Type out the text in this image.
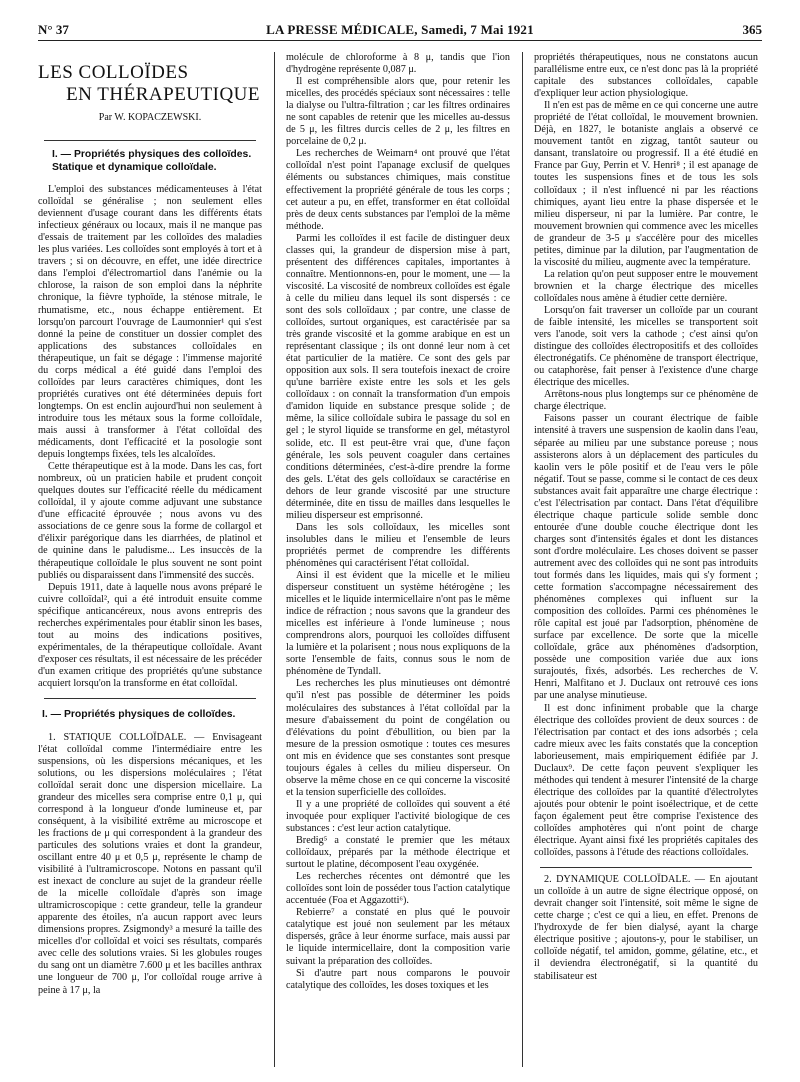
N° 37	LA PRESSE MÉDICALE, Samedi, 7 Mai 1921	365
LES COLLOÏDES
EN THÉRAPEUTIQUE
Par W. KOPACZEWSKI.
I. — Propriétés physiques des colloïdes. Statique et dynamique colloïdale.

L'emploi des substances médicamenteuses à l'état colloïdal se généralise ; non seulement elles deviennent d'usage courant dans les différents états infectieux généraux ou locaux, mais il ne manque pas d'essais de traitement par les colloïdes des maladies les plus variées. Les colloïdes sont employés à tort et à travers ; si on découvre, en effet, une idée directrice dans l'emploi d'électromartiol dans l'anémie ou la chlorose, la raison de son emploi dans la néphrite chronique, la fièvre typhoïde, la sténose mitrale, le rhumatisme, etc., nous échappe entièrement. Et lorsqu'on parcourt l'ouvrage de Laumonnier¹ qui s'est donné la peine de constituer un dossier complet des applications des substances colloïdales en thérapeutique, un fait se dégage : l'immense majorité du corps médical a été guidé dans l'emploi des colloïdes par leurs caractères chimiques, dont les propriétés curatives ont été déterminées depuis fort longtemps. On est enclin aujourd'hui non seulement à introduire tous les métaux sous la forme colloïdale, mais aussi à transformer à l'état colloïdal des médicaments, dont l'efficacité et la posologie sont depuis longtemps fixées, tels les alcaloïdes.

Cette thérapeutique est à la mode. Dans les cas, fort nombreux, où un praticien habile et prudent conçoit quelques doutes sur l'efficacité réelle du médicament colloïdal, il y ajoute comme adjuvant une substance d'une efficacité éprouvée ; nous avons vu des associations de ce genre sous la forme de collargol et d'élixir parégorique dans les diarrhées, de platinol et de quinine dans le paludisme... Les insuccès de la thérapeutique colloïdale le plus souvent ne sont point publiés ou disparaissent dans l'immensité des succès.

Depuis 1911, date à laquelle nous avons préparé le cuivre colloïdal², qui a été introduit ensuite comme spécifique anticancéreux, nous avons entrepris des recherches expérimentales pour établir sinon les bases, tout au moins des indications positives, expérimentales, de la thérapeutique colloïdale. Avant d'exposer ces résultats, il est nécessaire de les précéder d'un examen critique des propriétés qu'une substance acquiert lorsqu'on la transforme en état colloïdal.

I. — Propriétés physiques de colloïdes.

1. STATIQUE COLLOÏDALE. — Envisageant l'état colloïdal comme l'intermédiaire entre les suspensions, où les dispersions mécaniques, et les solutions, ou les dispersions moléculaires ; l'état colloïdal serait donc une dispersion micellaire. La grandeur des micelles sera comprise entre 0,1 μ, qui correspond à la longueur d'onde lumineuse et, par conséquent, à la visibilité extrême au microscope et les fractions de μ qui correspondent à la grandeur des particules des solutions vraies et dont la grandeur, oscillant entre 40 μ et 0,5 μ, représente le champ de visibilité à l'ultramicroscope. Notons en passant qu'il est inexact de conclure au sujet de la grandeur réelle de la micelle colloïdale d'après son image ultramicroscopique : cette grandeur, telle la grandeur apparente des étoiles, n'a aucun rapport avec leurs dimensions propres. Zsigmondy³ a mesuré la taille des micelles d'or colloïdal et voici ses résultats, comparés avec celle des solutions vraies. Si les globules rouges du sang ont un diamètre 7.600 μ et les bacilles anthrax une longueur de 700 μ, l'or colloïdal rouge arrive à peine à 17 μ, la

molécule de chloroforme à 8 μ, tandis que l'ion d'hydrogène représente 0,087 μ.

Il est compréhensible alors que, pour retenir les micelles, des procédés spéciaux sont nécessaires : telle la dialyse ou l'ultra-filtration ; car les filtres ordinaires ne sont capables de retenir que les micelles au-dessus de 5 μ, les filtres durcis celles de 2 μ, les filtres en porcelaine de 0,2 μ.

Les recherches de Weimarn⁴ ont prouvé que l'état colloïdal n'est point l'apanage exclusif de quelques éléments ou substances chimiques, mais constitue effectivement la propriété générale de tous les corps ; cet auteur a pu, en effet, transformer en état colloïdal près de deux cents substances par l'emploi de la même méthode.

Parmi les colloïdes il est facile de distinguer deux classes qui, la grandeur de dispersion mise à part, présentent des différences capitales, importantes à connaître. Mentionnons-en, pour le moment, une — la viscosité. La viscosité de nombreux colloïdes est égale à celle du milieu dans lequel ils sont dispersés : ce sont des sols colloïdaux ; par contre, une classe de colloïdes, surtout organiques, est caractérisée par sa très grande viscosité et la gomme arabique en est un représentant classique ; ils ont donné leur nom à cet état particulier de la matière. Ce sont des gels par opposition aux sols. Il sera toutefois inexact de croire qu'une barrière existe entre les sols et les gels colloïdaux : on connaît la transformation d'un empois d'amidon liquide en substance presque solide ; de même, la silice colloïdale subira le passage du sol en gel ; le styrol liquide se transforme en gel, métastyrol solide, etc. Il est peut-être vrai que, d'une façon générale, les sols peuvent coaguler dans certaines conditions déterminées, c'est-à-dire prendre la forme des gels. L'état des gels colloïdaux se caractérise en dehors de leur grande viscosité par une structure déterminée, dite en tissu de mailles dans lesquelles le milieu disperseur est emprisonné.

Dans les sols colloïdaux, les micelles sont insolubles dans le milieu et l'ensemble de leurs propriétés permet de comprendre les différents phénomènes qui caractérisent l'état colloïdal.

Ainsi il est évident que la micelle et le milieu disperseur constituent un système hétérogène ; les micelles et le liquide intermicellaire n'ont pas le même indice de réfraction ; nous savons que la grandeur des micelles est inférieure à l'onde lumineuse ; nous comprendrons alors, pourquoi les colloïdes diffusent la lumière et la polarisent ; nous nous expliquons de la sorte l'ensemble de faits, connus sous le nom de phénomène de Tyndall.

Les recherches les plus minutieuses ont démontré qu'il n'est pas possible de déterminer les poids moléculaires des substances à l'état colloïdal par la mesure d'abaissement du point de congélation ou d'élévations du point d'ébullition, ou bien par la mesure de la pression osmotique : toutes ces mesures ont mis en évidence que ses constantes sont presque toujours égales à celles du milieu disperseur. On observe la même chose en ce qui concerne la viscosité et la tension superficielle des colloïdes.

Il y a une propriété de colloïdes qui souvent a été invoquée pour expliquer l'activité biologique de ces substances : c'est leur action catalytique.

Bredig⁵ a constaté le premier que les métaux colloïdaux, préparés par la méthode électrique et surtout le platine, décomposent l'eau oxygénée.

Les recherches récentes ont démontré que les colloïdes sont loin de posséder tous l'action catalytique accentuée (Foa et Aggazotti⁶).

Rebierre⁷ a constaté en plus qué le pouvoir catalytique est joué non seulement par les métaux dispersés, grâce à leur énorme surface, mais aussi par le liquide intermicellaire, dont la composition varie suivant la préparation des colloïdes.

Si d'autre part nous comparons le pouvoir catalytique des colloïdes, les doses toxiques et les

propriétés thérapeutiques, nous ne constatons aucun parallélisme entre eux, ce n'est donc pas là la propriété capitale des substances colloïdales, capable d'expliquer leur action physiologique.

Il n'en est pas de même en ce qui concerne une autre propriété de l'état colloïdal, le mouvement brownien. Déjà, en 1827, le botaniste anglais a observé ce mouvement tantôt en zigzag, tantôt sauteur ou dansant, translatoire ou progressif. Il a été étudié en France par Guy, Perrin et V. Henri⁸ ; il est apanage de toutes les suspensions fines et de tous les sols colloïdaux ; il n'est influencé ni par les réactions chimiques, ayant lieu entre la phase dispersée et le milieu disperseur, ni par la lumière. Par contre, le mouvement brownien qui commence avec les micelles de grandeur de 3-5 μ s'accélère pour des micelles petites, diminue par la dilution, par l'augmentation de la viscosité du milieu, augmente avec la température.

La relation qu'on peut supposer entre le mouvement brownien et la charge électrique des micelles colloïdales nous amène à étudier cette dernière.

Lorsqu'on fait traverser un colloïde par un courant de faible intensité, les micelles se transportent soit vers l'anode, soit vers la cathode ; c'est ainsi qu'on distingue des colloïdes électropositifs et des colloïdes électronégatifs. Ce phénomène de transport électrique, ou cataphorèse, fait penser à l'existence d'une charge électrique des micelles.

Arrêtons-nous plus longtemps sur ce phénomène de charge électrique.

Faisons passer un courant électrique de faible intensité à travers une suspension de kaolin dans l'eau, séparée au milieu par une substance poreuse ; nous assisterons alors à un déplacement des particules du kaolin vers le pôle positif et de l'eau vers le pôle négatif. Tout se passe, comme si le contact de ces deux substances avait fait apparaître une charge électrique : c'est l'électrisation par contact. Dans l'état d'équilibre électrique chaque particule solide semble donc entourée d'une double couche électrique dont les charges sont d'intensités égales et dont les distances sont d'ordre moléculaire. Les choses doivent se passer autrement avec des colloïdes qui ne sont pas introduits tout formés dans les liquides, mais qui s'y forment ; cette formation s'accompagne nécessairement des phénomènes complexes qui influent sur la composition des colloïdes. Parmi ces phénomènes le rôle capital est joué par l'adsorption, phénomène de surface par excellence. De sorte que la micelle colloïdale, grâce aux phénomènes d'adsorption, possède une composition variée due aux ions surajoutés, fixés, adsorbés. Les recherches de V. Henri, Malfitano et J. Duclaux ont retrouvé ces ions par une analyse minutieuse.

Il est donc infiniment probable que la charge électrique des colloïdes provient de deux sources : de l'électrisation par contact et des ions adsorbés ; cela cadre mieux avec les faits constatés que la conception laborieusement, mais empiriquement édifiée par J. Duclaux⁹. De cette façon peuvent s'expliquer les méthodes qui tendent à mesurer l'intensité de la charge électrique des colloïdes par la quantité d'électrolytes ajoutés pour obtenir le point isoélectrique, et de cette façon également peut être comprise l'existence des colloïdes amphotères qui n'ont point de charge électrique. Ayant ainsi fixé les propriétés capitales des colloïdes, passons à l'étude des réactions colloïdales.

2. DYNAMIQUE COLLOÏDALE. — En ajoutant un colloïde à un autre de signe électrique opposé, on devrait changer soit l'intensité, soit même le signe de cette charge ; c'est ce qui a lieu, en effet. Prenons de l'hydroxyde de fer bien dialysé, ayant la charge électrique positive ; ajoutons-y, pour le stabiliser, un colloïde négatif, tel amidon, gomme, gélatine, etc., et il deviendra électronégatif, si la quantité du stabilisateur est
